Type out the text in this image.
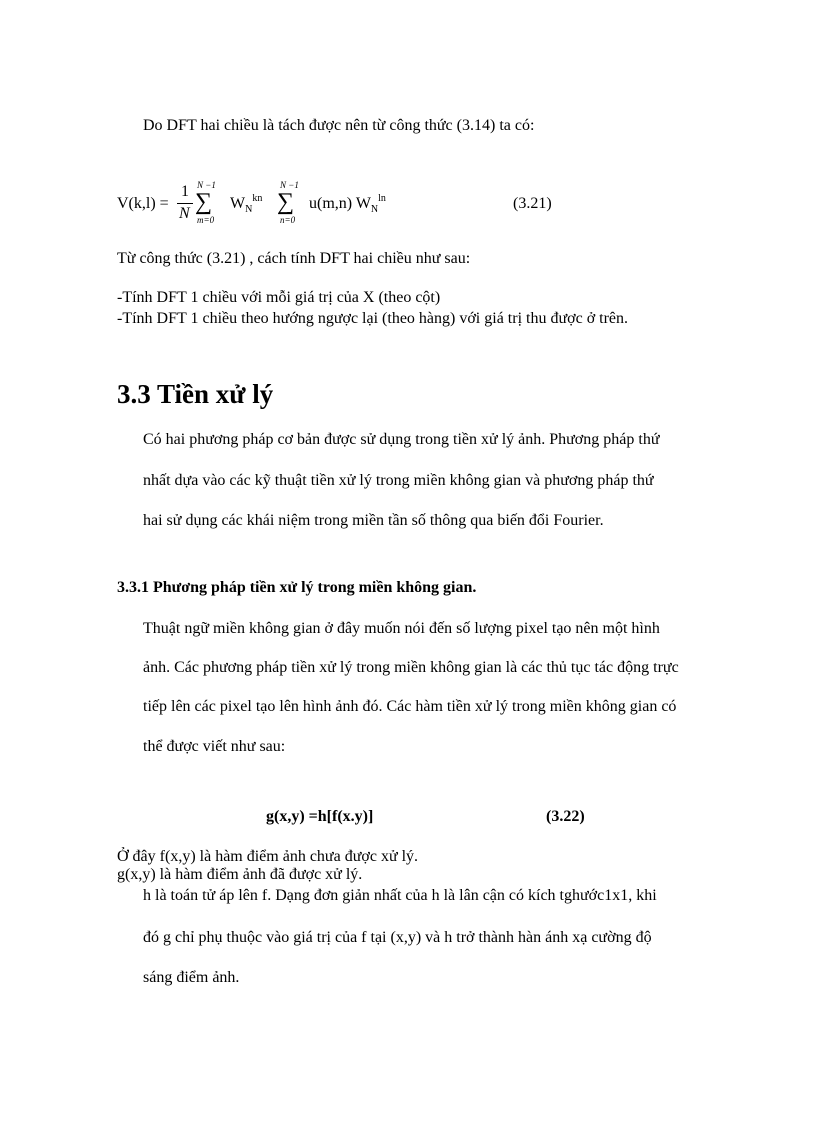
Do DFT hai chiều là tách được nên từ công thức (3.14) ta có:
V(k,l) =
1
N
N −1
∑
m=0
$W_N^{kn}$
N −1
∑
n=0
u(m,n) $W_N^{ln}$	(3.21)
Từ công thức (3.21) , cách tính DFT hai chiều như sau:
-Tính DFT 1 chiều với mỗi giá trị của X (theo cột)
-Tính DFT 1 chiều theo hướng ngược lại (theo hàng) với giá trị thu được ở trên.
3.3 Tiền xử lý
Có hai phương pháp cơ bản được sử dụng trong tiền xử lý ảnh. Phương pháp thứ
nhất dựa vào các kỹ thuật tiền xử lý trong miền không gian và phương pháp thứ
hai sử dụng các khái niệm trong miền tần số thông qua biến đổi Fourier.
3.3.1 Phương pháp tiền xử lý trong miền không gian.
Thuật ngữ miền không gian ở đây muốn nói đến số lượng pixel tạo nên một hình
ảnh. Các phương pháp tiền xử lý trong miền không gian là các thủ tục tác động trực
tiếp lên các pixel tạo lên hình ảnh đó. Các hàm tiền xử lý trong miền không gian có
thể được viết như sau:
g(x,y) =h[f(x.y)]	(3.22)
Ở đây f(x,y) là hàm điểm ảnh chưa được xử lý.
g(x,y) là hàm điểm ảnh đã được xử lý.
h là toán tử áp lên f. Dạng đơn giản nhất của h là lân cận có kích tghước1x1, khi
đó g chỉ phụ thuộc vào giá trị của f tại (x,y) và h trở thành hàn ánh xạ cường độ
sáng điểm ảnh.
